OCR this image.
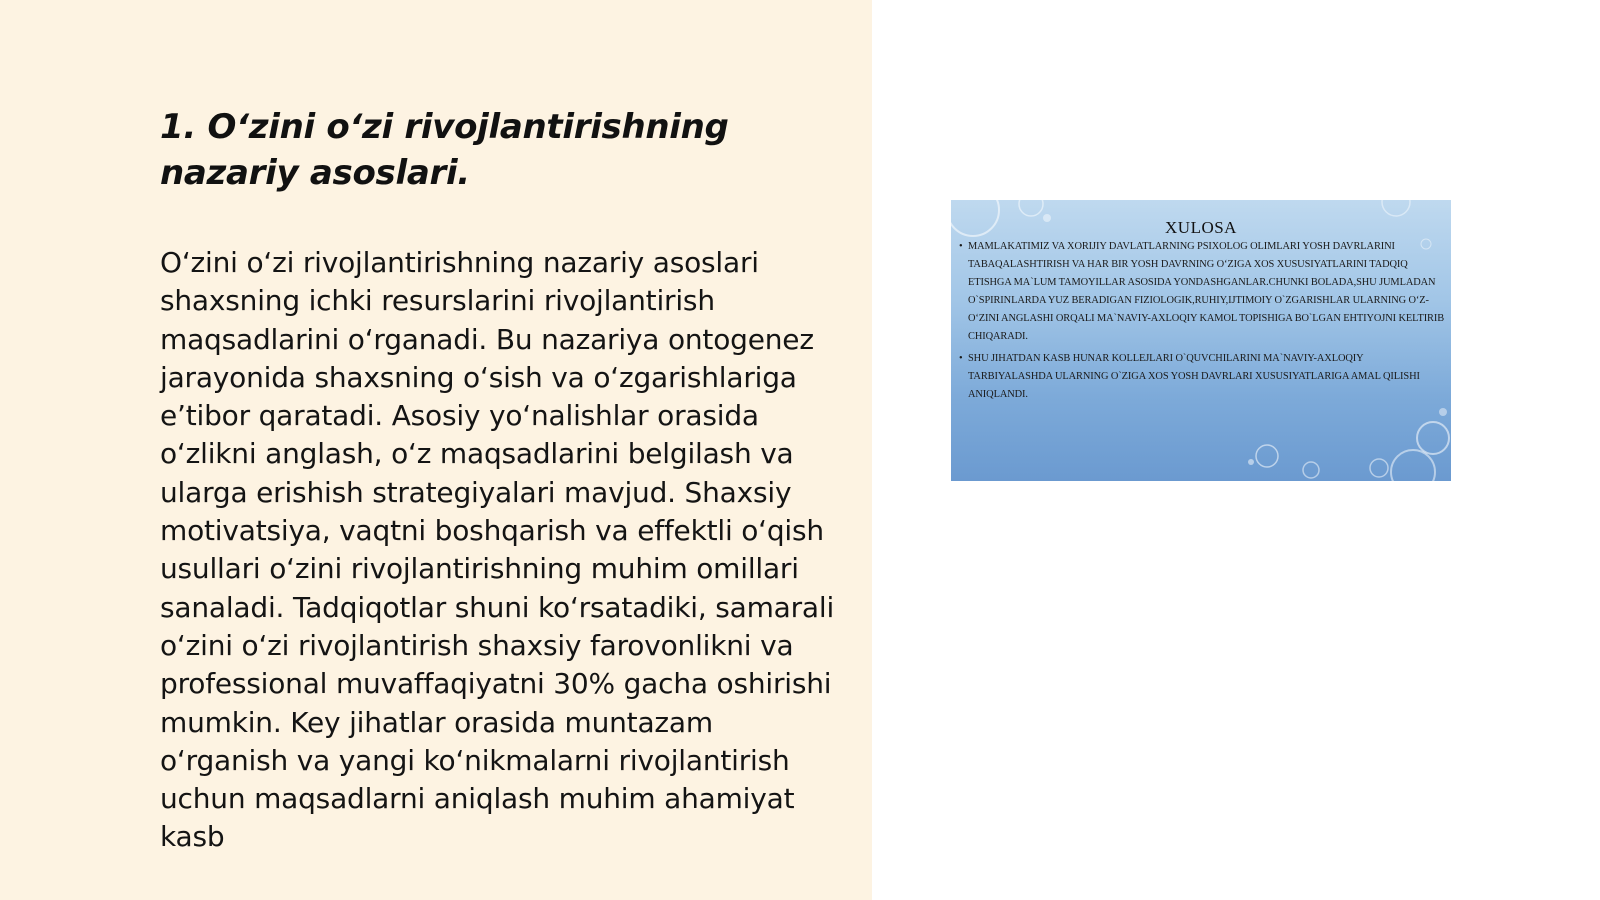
1. O‘zini o‘zi rivojlantirishning nazariy asoslari.

O‘zini o‘zi rivojlantirishning nazariy asoslari shaxsning ichki resurslarini rivojlantirish maqsadlarini o‘rganadi. Bu nazariya ontogenez jarayonida shaxsning o‘sish va o‘zgarishlariga e’tibor qaratadi. Asosiy yo‘nalishlar orasida o‘zlikni anglash, o‘z maqsadlarini belgilash va ularga erishish strategiyalari mavjud. Shaxsiy motivatsiya, vaqtni boshqarish va effektli o‘qish usullari o‘zini rivojlantirishning muhim omillari sanaladi. Tadqiqotlar shuni ko‘rsatadiki, samarali o‘zini o‘zi rivojlantirish shaxsiy farovonlikni va professional muvaffaqiyatni 30% gacha oshirishi mumkin. Key jihatlar orasida muntazam o‘rganish va yangi ko‘nikmalarni rivojlantirish uchun maqsadlarni aniqlash muhim ahamiyat kasb

XULOSA
• MAMLAKATIMIZ VA XORIJIY DAVLATLARNING PSIXOLOG OLIMLARI YOSH DAVRLARINI TABAQALASHTIRISH VA HAR BIR YOSH DAVRNING O‘ZIGA XOS XUSUSIYATLARINI TADQIQ ETISHGA MA`LUM TAMOYILLAR ASOSIDA YONDASHGANLAR.CHUNKI BOLADA,SHU JUMLADAN O`SPIRINLARDA YUZ BERADIGAN FIZIOLOGIK,RUHIY,IJTIMOIY O`ZGARISHLAR ULARNING O‘Z-O‘ZINI ANGLASHI ORQALI MA`NAVIY-AXLOQIY KAMOL TOPISHIGA BO`LGAN EHTIYOJNI KELTIRIB CHIQARADI.
• SHU JIHATDAN KASB HUNAR KOLLEJLARI O`QUVCHILARINI MA`NAVIY-AXLOQIY TARBIYALASHDA ULARNING O`ZIGA XOS YOSH DAVRLARI XUSUSIYATLARIGA AMAL QILISHI ANIQLANDI.
